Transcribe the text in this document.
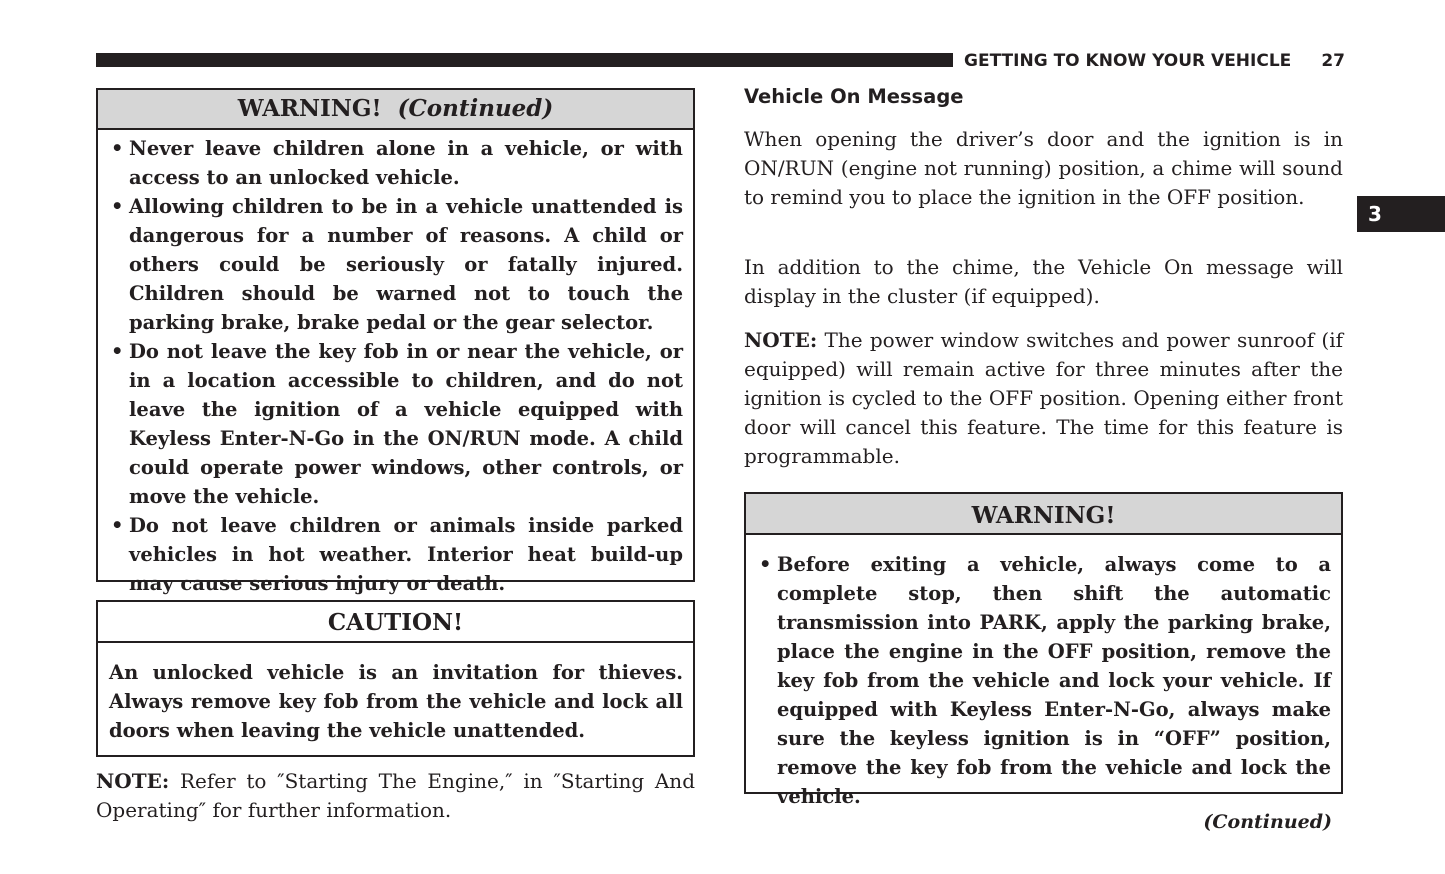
GETTING TO KNOW YOUR VEHICLE 27
3
WARNING! (Continued)
• Never leave children alone in a vehicle, or with access to an unlocked vehicle.
• Allowing children to be in a vehicle unattended is dangerous for a number of reasons. A child or others could be seriously or fatally injured. Children should be warned not to touch the parking brake, brake pedal or the gear selector.
• Do not leave the key fob in or near the vehicle, or in a location accessible to children, and do not leave the ignition of a vehicle equipped with Keyless Enter-N-Go in the ON/RUN mode. A child could operate power windows, other controls, or move the vehicle.
• Do not leave children or animals inside parked vehicles in hot weather. Interior heat build-up may cause serious injury or death.
CAUTION!
An unlocked vehicle is an invitation for thieves. Always remove key fob from the vehicle and lock all doors when leaving the vehicle unattended.
NOTE: Refer to ″Starting The Engine,″ in ″Starting And Operating″ for further information.
Vehicle On Message

When opening the driver’s door and the ignition is in ON/RUN (engine not running) position, a chime will sound to remind you to place the ignition in the OFF position.

In addition to the chime, the Vehicle On message will display in the cluster (if equipped).

NOTE: The power window switches and power sunroof (if equipped) will remain active for three minutes after the ignition is cycled to the OFF position. Opening either front door will cancel this feature. The time for this feature is programmable.
WARNING!
• Before exiting a vehicle, always come to a complete stop, then shift the automatic transmission into PARK, apply the parking brake, place the engine in the OFF position, remove the key fob from the vehicle and lock your vehicle. If equipped with Keyless Enter-N-Go, always make sure the keyless ignition is in “OFF” position, remove the key fob from the vehicle and lock the vehicle.
(Continued)
